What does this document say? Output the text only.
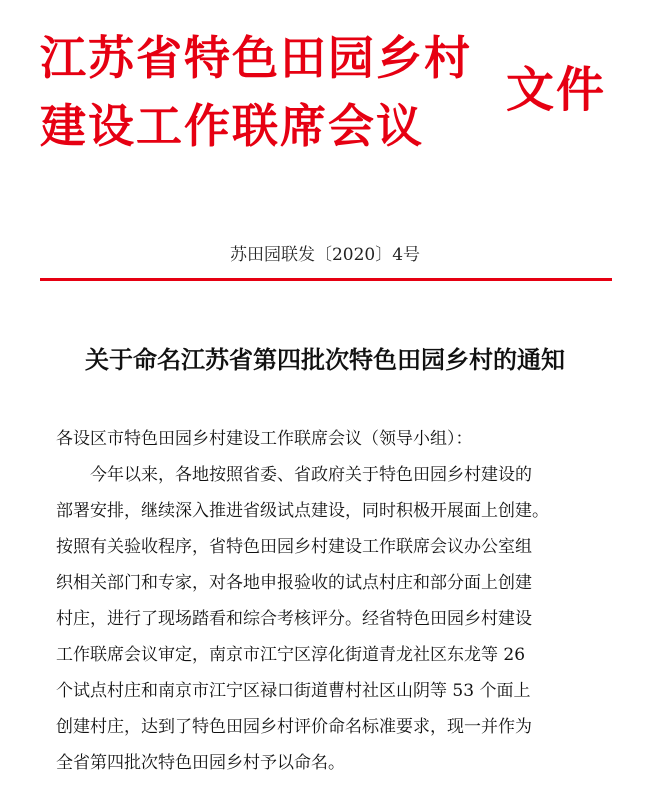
江苏省特色田园乡村
建设工作联席会议
文件
苏田园联发〔2020〕4号
关于命名江苏省第四批次特色田园乡村的通知
各设区市特色田园乡村建设工作联席会议（领导小组）：
今年以来，各地按照省委、省政府关于特色田园乡村建设的
部署安排，继续深入推进省级试点建设，同时积极开展面上创建。
按照有关验收程序，省特色田园乡村建设工作联席会议办公室组
织相关部门和专家，对各地申报验收的试点村庄和部分面上创建
村庄，进行了现场踏看和综合考核评分。经省特色田园乡村建设
工作联席会议审定，南京市江宁区淳化街道青龙社区东龙等 26
个试点村庄和南京市江宁区禄口街道曹村社区山阴等 53 个面上
创建村庄，达到了特色田园乡村评价命名标准要求，现一并作为
全省第四批次特色田园乡村予以命名。
